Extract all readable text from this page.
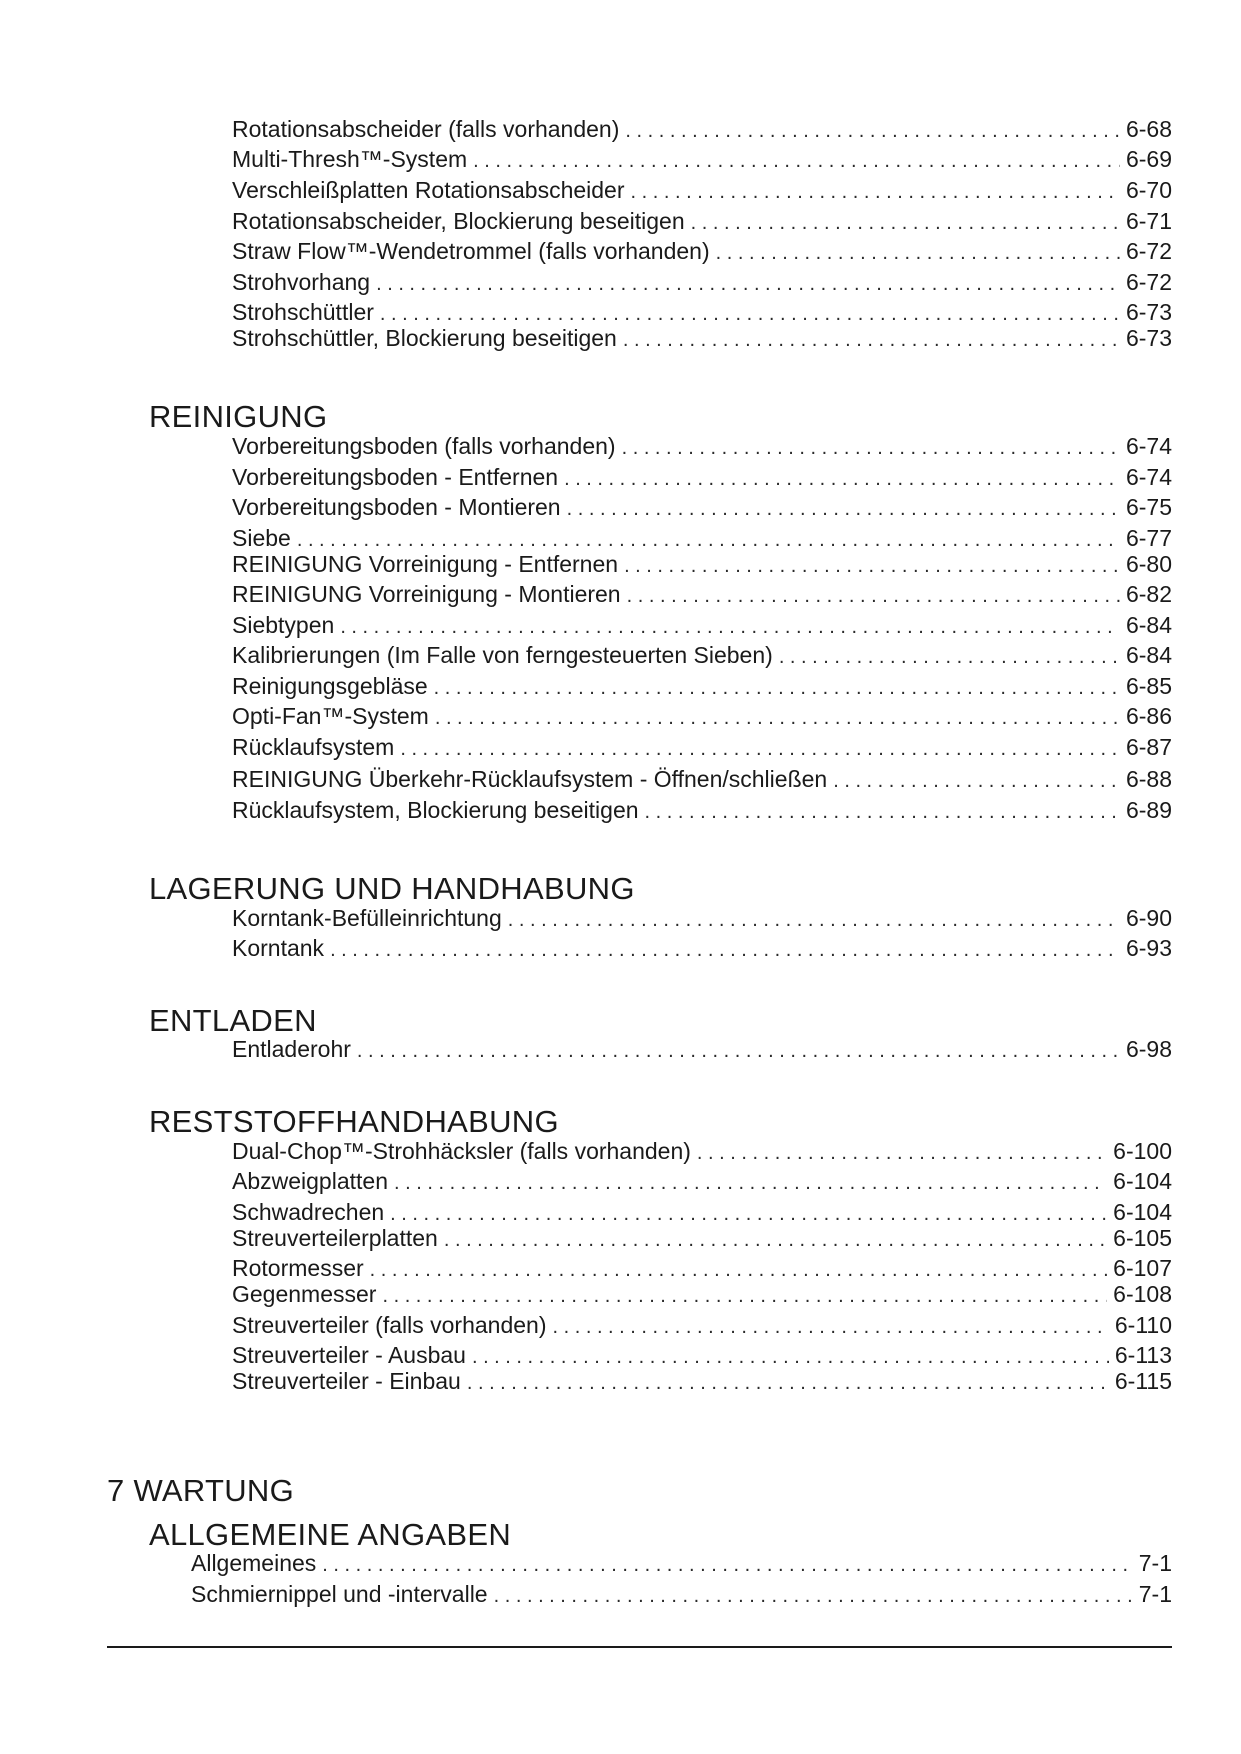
Rotationsabscheider (falls vorhanden) . . .	6-68
Multi-Thresh™-System . . .	6-69
Verschleißplatten Rotationsabscheider . . .	6-70
Rotationsabscheider, Blockierung beseitigen . . .	6-71
Straw Flow™-Wendetrommel (falls vorhanden) . . .	6-72
Strohvorhang . . .	6-72
Strohschüttler . . .	6-73
Strohschüttler, Blockierung beseitigen . . .	6-73
REINIGUNG
Vorbereitungsboden (falls vorhanden) . . .	6-74
Vorbereitungsboden - Entfernen . . .	6-74
Vorbereitungsboden - Montieren . . .	6-75
Siebe . . .	6-77
REINIGUNG Vorreinigung - Entfernen . . .	6-80
REINIGUNG Vorreinigung - Montieren . . .	6-82
Siebtypen . . .	6-84
Kalibrierungen (Im Falle von ferngesteuerten Sieben) . . .	6-84
Reinigungsgebläse . . .	6-85
Opti-Fan™-System . . .	6-86
Rücklaufsystem . . .	6-87
REINIGUNG Überkehr-Rücklaufsystem - Öffnen/schließen . . .	6-88
Rücklaufsystem, Blockierung beseitigen . . .	6-89
LAGERUNG UND HANDHABUNG
Korntank-Befülleinrichtung . . .	6-90
Korntank . . .	6-93
ENTLADEN
Entladerohr . . .	6-98
RESTSTOFFHANDHABUNG
Dual-Chop™-Strohhäcksler (falls vorhanden) . . .	6-100
Abzweigplatten . . .	6-104
Schwadrechen . . .	6-104
Streuverteilerplatten . . .	6-105
Rotormesser . . .	6-107
Gegenmesser . . .	6-108
Streuverteiler (falls vorhanden) . . .	6-110
Streuverteiler - Ausbau . . .	6-113
Streuverteiler - Einbau . . .	6-115
7 WARTUNG
ALLGEMEINE ANGABEN
Allgemeines . . .	7-1
Schmiernippel und -intervalle . . .	7-1
